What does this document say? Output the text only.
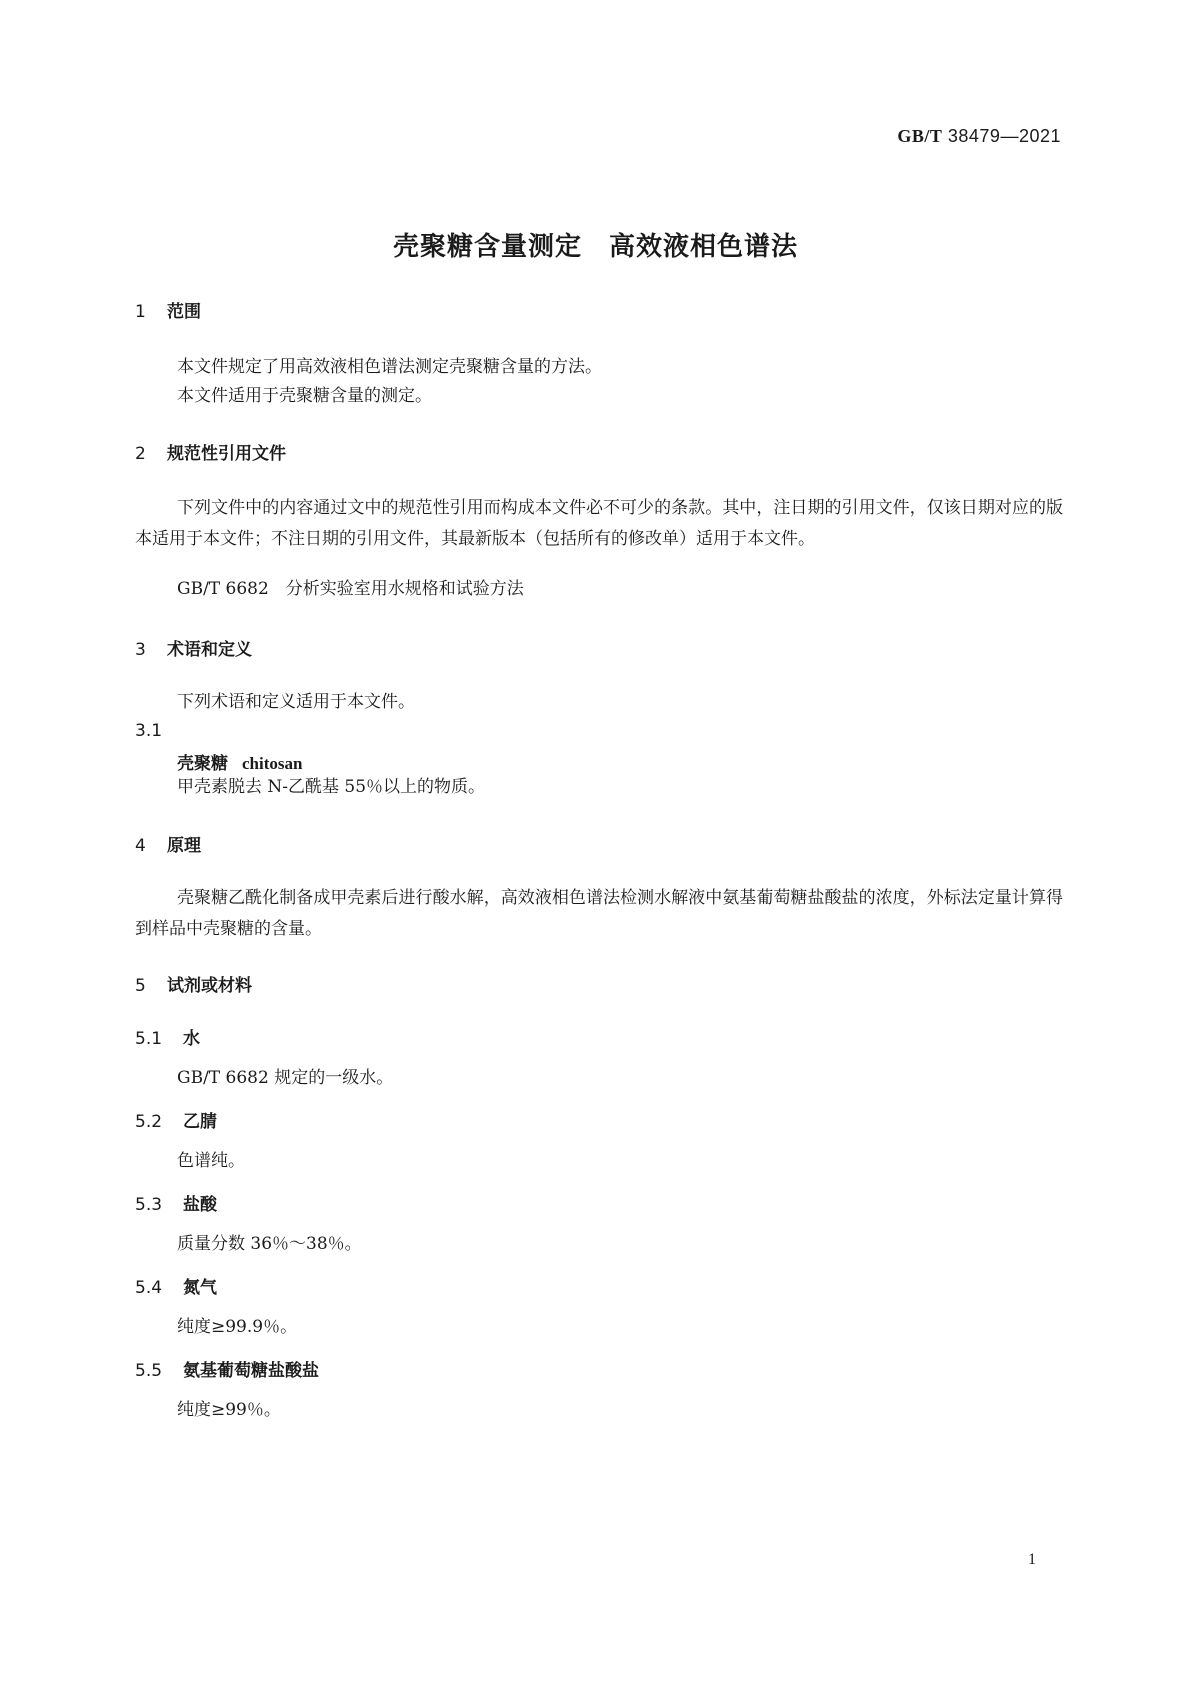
GB/T 38479—2021
壳聚糖含量测定　高效液相色谱法
1 范围
本文件规定了用高效液相色谱法测定壳聚糖含量的方法。
本文件适用于壳聚糖含量的测定。
2 规范性引用文件
下列文件中的内容通过文中的规范性引用而构成本文件必不可少的条款。其中，注日期的引用文件，仅该日期对应的版本适用于本文件；不注日期的引用文件，其最新版本（包括所有的修改单）适用于本文件。
GB/T 6682　分析实验室用水规格和试验方法
3 术语和定义
下列术语和定义适用于本文件。
3.1
壳聚糖 chitosan
甲壳素脱去 N-乙酰基 55％以上的物质。
4 原理
壳聚糖乙酰化制备成甲壳素后进行酸水解，高效液相色谱法检测水解液中氨基葡萄糖盐酸盐的浓度，外标法定量计算得到样品中壳聚糖的含量。
5 试剂或材料
5.1 水
GB/T 6682 规定的一级水。
5.2 乙腈
色谱纯。
5.3 盐酸
质量分数 36％～38％。
5.4 氮气
纯度≥99.9％。
5.5 氨基葡萄糖盐酸盐
纯度≥99％。
1
